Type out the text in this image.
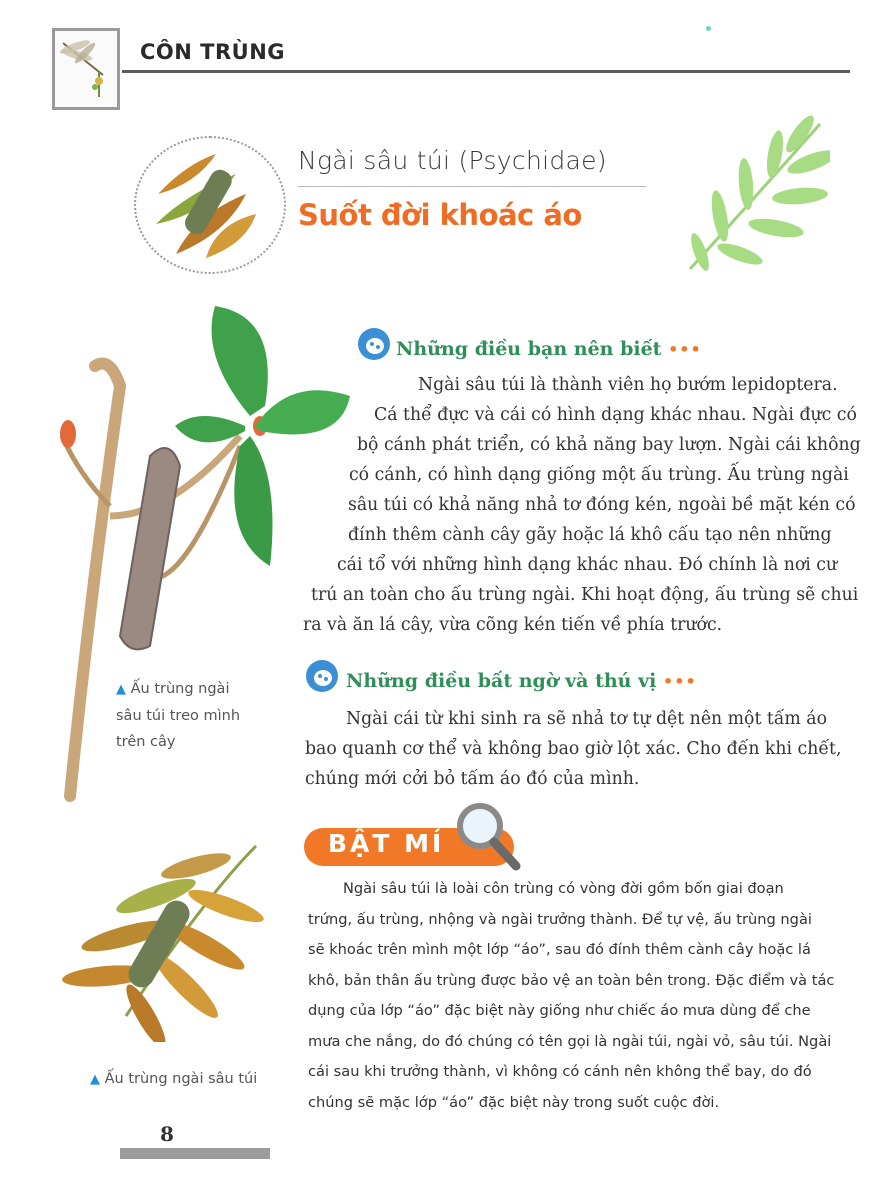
CÔN TRÙNG
Ngài sâu túi (Psychidae)
Suốt đời khoác áo
Những điều bạn nên biết •••
Ngài sâu túi là thành viên họ bướm lepidoptera.
Cá thể đực và cái có hình dạng khác nhau. Ngài đực có
bộ cánh phát triển, có khả năng bay lượn. Ngài cái không
có cánh, có hình dạng giống một ấu trùng. Ấu trùng ngài
sâu túi có khả năng nhả tơ đóng kén, ngoài bề mặt kén có
đính thêm cành cây gãy hoặc lá khô cấu tạo nên những
cái tổ với những hình dạng khác nhau. Đó chính là nơi cư
trú an toàn cho ấu trùng ngài. Khi hoạt động, ấu trùng sẽ chui
ra và ăn lá cây, vừa cõng kén tiến về phía trước.
▲ Ấu trùng ngài
sâu túi treo mình
trên cây
Những điều bất ngờ và thú vị •••
Ngài cái từ khi sinh ra sẽ nhả tơ tự dệt nên một tấm áo
bao quanh cơ thể và không bao giờ lột xác. Cho đến khi chết,
chúng mới cởi bỏ tấm áo đó của mình.
BẬT MÍ
▲ Ấu trùng ngài sâu túi
Ngài sâu túi là loài côn trùng có vòng đời gồm bốn giai đoạn
trứng, ấu trùng, nhộng và ngài trưởng thành. Để tự vệ, ấu trùng ngài
sẽ khoác trên mình một lớp “áo”, sau đó đính thêm cành cây hoặc lá
khô, bản thân ấu trùng được bảo vệ an toàn bên trong. Đặc điểm và tác
dụng của lớp “áo” đặc biệt này giống như chiếc áo mưa dùng để che
mưa che nắng, do đó chúng có tên gọi là ngài túi, ngài vỏ, sâu túi. Ngài
cái sau khi trưởng thành, vì không có cánh nên không thể bay, do đó
chúng sẽ mặc lớp “áo” đặc biệt này trong suốt cuộc đời.
8
